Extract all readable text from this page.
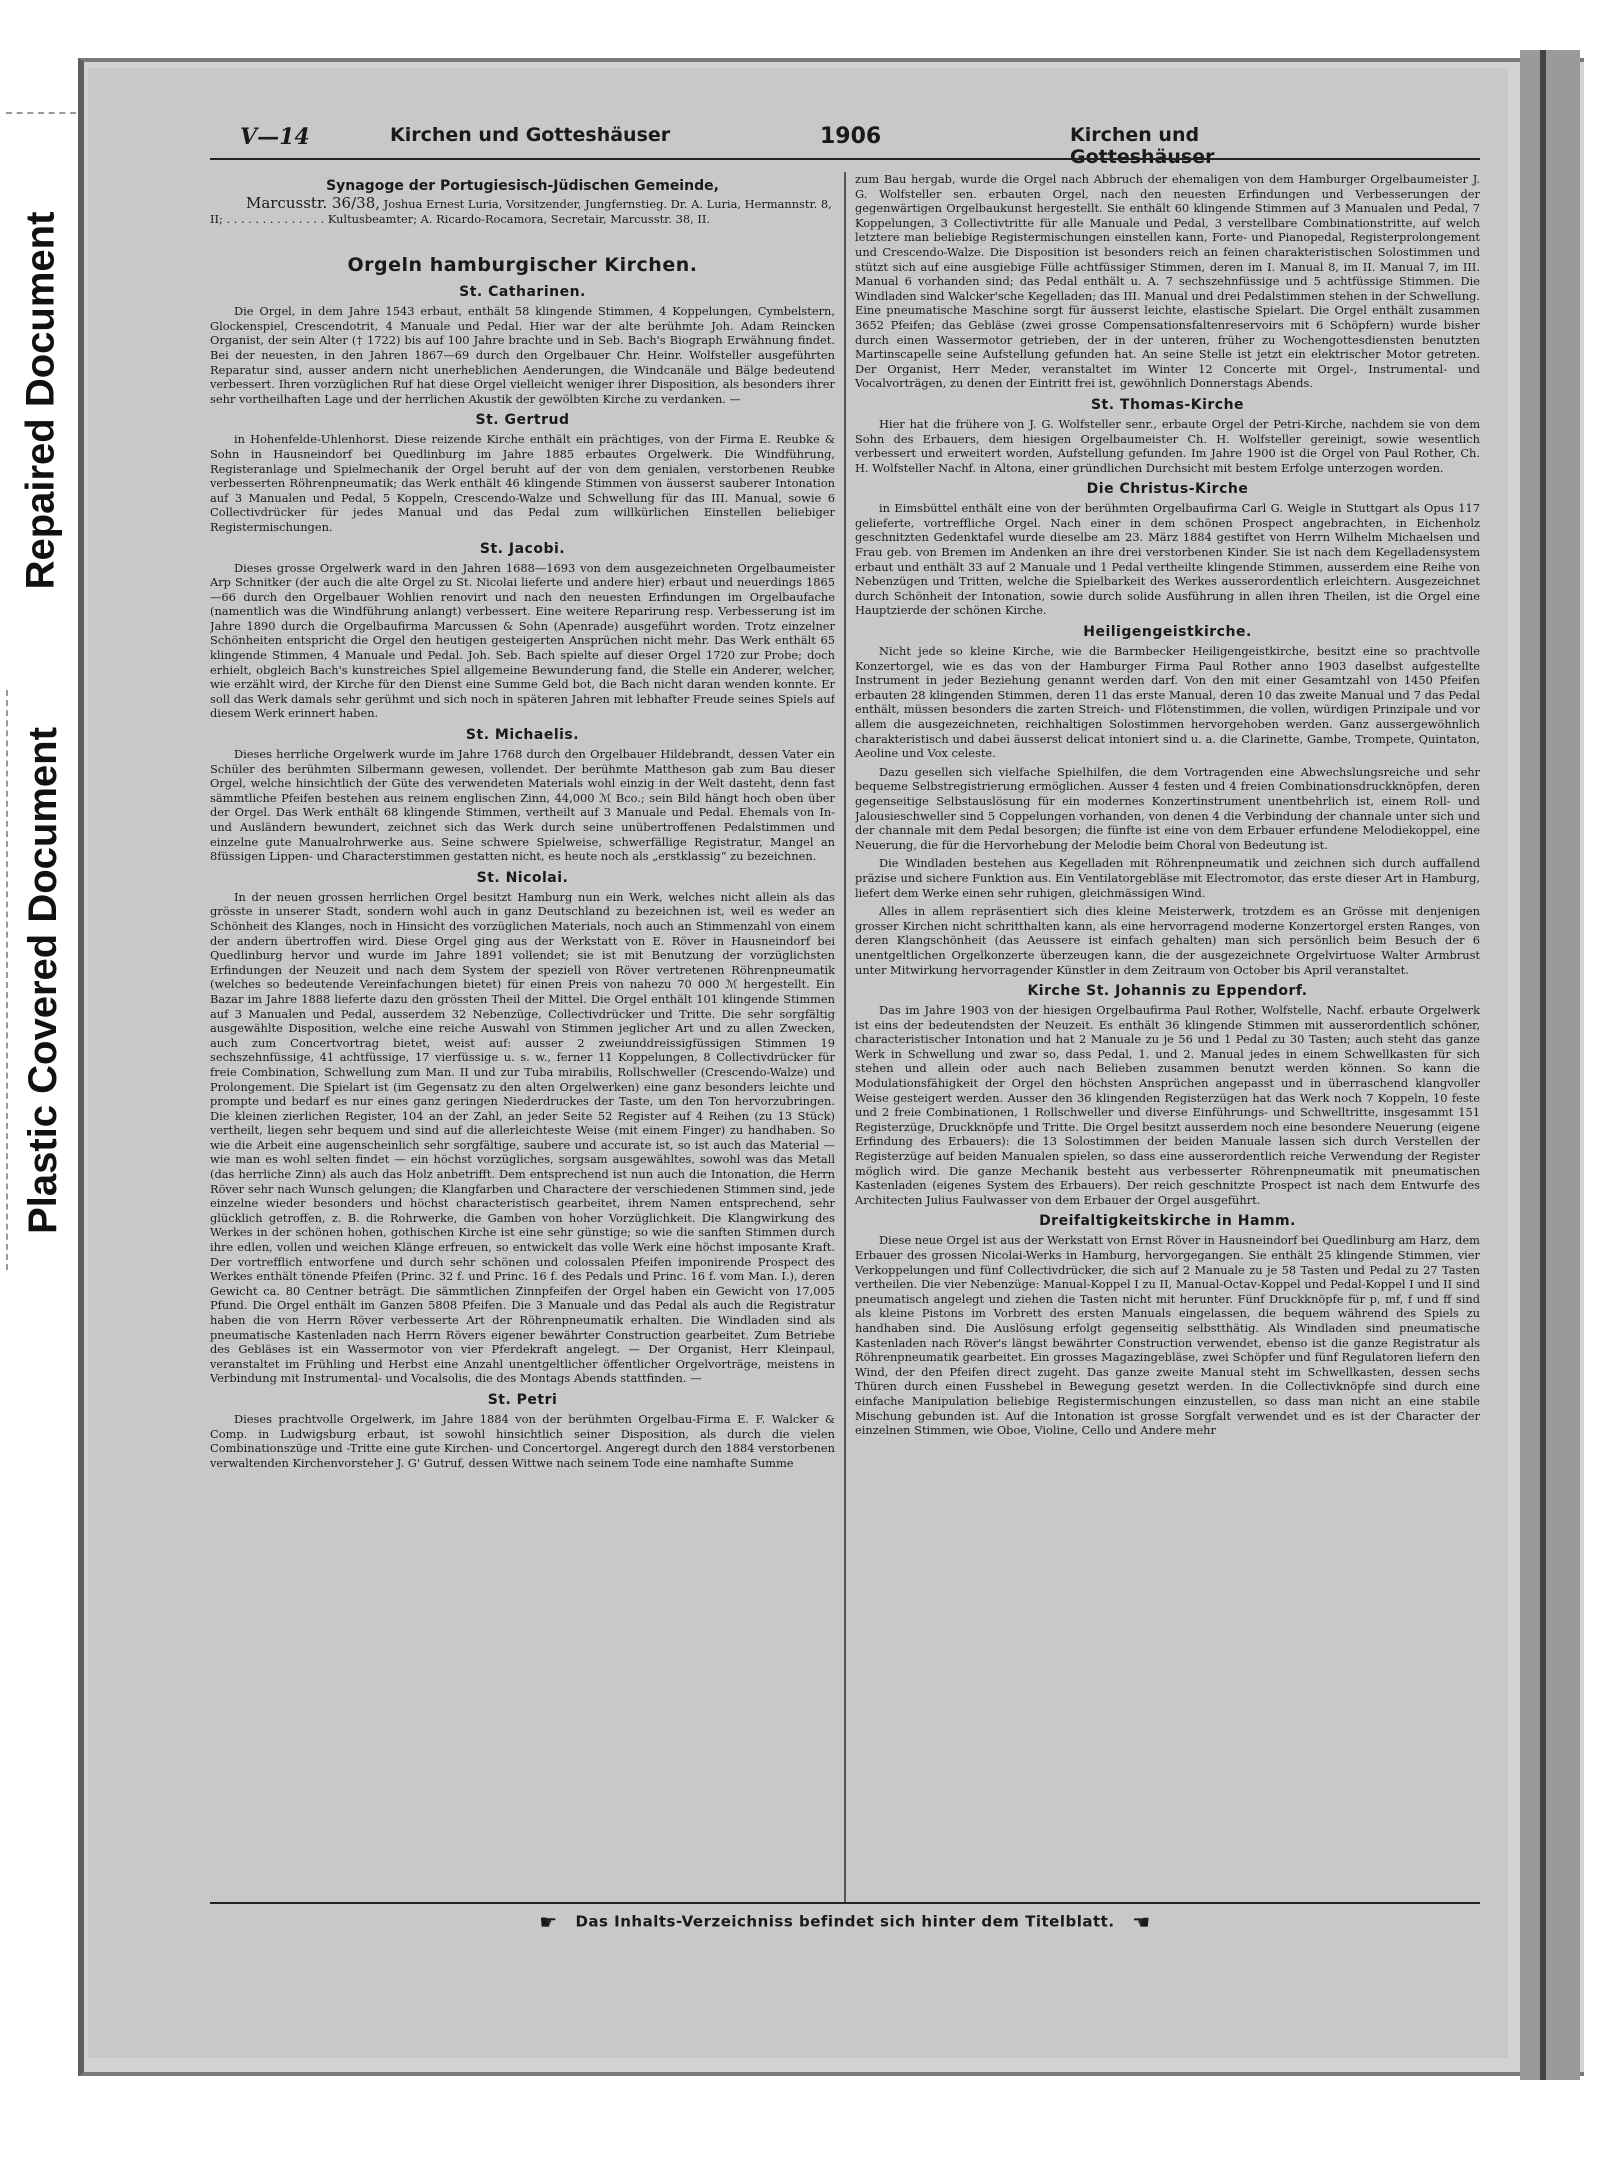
Repaired Document
Plastic Covered Document
V—14	Kirchen und Gotteshäuser	1906	Kirchen und Gotteshäuser
Synagoge der Portugiesisch-Jüdischen Gemeinde,

Marcusstr. 36/38, Joshua Ernest Luria, Vorsitzender, Jungfernstieg. Dr. A. Luria, Hermannstr. 8, II; . . . . . . . . . . . . . . Kultusbeamter; A. Ricardo-Rocamora, Secretair, Marcusstr. 38, II.

Orgeln hamburgischer Kirchen.
St. Catharinen.

Die Orgel, in dem Jahre 1543 erbaut, enthält 58 klingende Stimmen, 4 Koppelungen, Cymbelstern, Glockenspiel, Crescendotrit, 4 Manuale und Pedal. Hier war der alte berühmte Joh. Adam Reincken Organist, der sein Alter († 1722) bis auf 100 Jahre brachte und in Seb. Bach's Biograph Erwähnung findet. Bei der neuesten, in den Jahren 1867—69 durch den Orgelbauer Chr. Heinr. Wolfsteller ausgeführten Reparatur sind, ausser andern nicht unerheblichen Aenderungen, die Windcanäle und Bälge bedeutend verbessert. Ihren vorzüglichen Ruf hat diese Orgel vielleicht weniger ihrer Disposition, als besonders ihrer sehr vortheilhaften Lage und der herrlichen Akustik der gewölbten Kirche zu verdanken. —

St. Gertrud

in Hohenfelde-Uhlenhorst. Diese reizende Kirche enthält ein prächtiges, von der Firma E. Reubke & Sohn in Hausneindorf bei Quedlinburg im Jahre 1885 erbautes Orgelwerk. Die Windführung, Registeranlage und Spielmechanik der Orgel beruht auf der von dem genialen, verstorbenen Reubke verbesserten Röhrenpneumatik; das Werk enthält 46 klingende Stimmen von äusserst sauberer Intonation auf 3 Manualen und Pedal, 5 Koppeln, Crescendo-Walze und Schwellung für das III. Manual, sowie 6 Collectivdrücker für jedes Manual und das Pedal zum willkürlichen Einstellen beliebiger Registermischungen.

St. Jacobi.

Dieses grosse Orgelwerk ward in den Jahren 1688—1693 von dem ausgezeichneten Orgelbaumeister Arp Schnitker (der auch die alte Orgel zu St. Nicolai lieferte und andere hier) erbaut und neuerdings 1865—66 durch den Orgelbauer Wohlien renovirt und nach den neuesten Erfindungen im Orgelbaufache (namentlich was die Windführung anlangt) verbessert. Eine weitere Reparirung resp. Verbesserung ist im Jahre 1890 durch die Orgelbaufirma Marcussen & Sohn (Apenrade) ausgeführt worden. Trotz einzelner Schönheiten entspricht die Orgel den heutigen gesteigerten Ansprüchen nicht mehr. Das Werk enthält 65 klingende Stimmen, 4 Manuale und Pedal. Joh. Seb. Bach spielte auf dieser Orgel 1720 zur Probe; doch erhielt, obgleich Bach's kunstreiches Spiel allgemeine Bewunderung fand, die Stelle ein Anderer, welcher, wie erzählt wird, der Kirche für den Dienst eine Summe Geld bot, die Bach nicht daran wenden konnte. Er soll das Werk damals sehr gerühmt und sich noch in späteren Jahren mit lebhafter Freude seines Spiels auf diesem Werk erinnert haben.

St. Michaelis.

Dieses herrliche Orgelwerk wurde im Jahre 1768 durch den Orgelbauer Hildebrandt, dessen Vater ein Schüler des berühmten Silbermann gewesen, vollendet. Der berühmte Mattheson gab zum Bau dieser Orgel, welche hinsichtlich der Güte des verwendeten Materials wohl einzig in der Welt dasteht, denn fast sämmtliche Pfeifen bestehen aus reinem englischen Zinn, 44,000 ℳ Bco.; sein Bild hängt hoch oben über der Orgel. Das Werk enthält 68 klingende Stimmen, vertheilt auf 3 Manuale und Pedal. Ehemals von In- und Ausländern bewundert, zeichnet sich das Werk durch seine unübertroffenen Pedalstimmen und einzelne gute Manualrohrwerke aus. Seine schwere Spielweise, schwerfällige Registratur, Mangel an 8füssigen Lippen- und Characterstimmen gestatten nicht, es heute noch als „erstklassig“ zu bezeichnen.

St. Nicolai.

In der neuen grossen herrlichen Orgel besitzt Hamburg nun ein Werk, welches nicht allein als das grösste in unserer Stadt, sondern wohl auch in ganz Deutschland zu bezeichnen ist, weil es weder an Schönheit des Klanges, noch in Hinsicht des vorzüglichen Materials, noch auch an Stimmenzahl von einem der andern übertroffen wird. Diese Orgel ging aus der Werkstatt von E. Röver in Hausneindorf bei Quedlinburg hervor und wurde im Jahre 1891 vollendet; sie ist mit Benutzung der vorzüglichsten Erfindungen der Neuzeit und nach dem System der speziell von Röver vertretenen Röhrenpneumatik (welches so bedeutende Vereinfachungen bietet) für einen Preis von nahezu 70 000 ℳ hergestellt. Ein Bazar im Jahre 1888 lieferte dazu den grössten Theil der Mittel. Die Orgel enthält 101 klingende Stimmen auf 3 Manualen und Pedal, ausserdem 32 Nebenzüge, Collectivdrücker und Tritte. Die sehr sorgfältig ausgewählte Disposition, welche eine reiche Auswahl von Stimmen jeglicher Art und zu allen Zwecken, auch zum Concertvortrag bietet, weist auf: ausser 2 zweiunddreissigfüssigen Stimmen 19 sechszehnfüssige, 41 achtfüssige, 17 vierfüssige u. s. w., ferner 11 Koppelungen, 8 Collectivdrücker für freie Combination, Schwellung zum Man. II und zur Tuba mirabilis, Rollschweller (Crescendo-Walze) und Prolongement. Die Spielart ist (im Gegensatz zu den alten Orgelwerken) eine ganz besonders leichte und prompte und bedarf es nur eines ganz geringen Niederdruckes der Taste, um den Ton hervorzubringen. Die kleinen zierlichen Register, 104 an der Zahl, an jeder Seite 52 Register auf 4 Reihen (zu 13 Stück) vertheilt, liegen sehr bequem und sind auf die allerleichteste Weise (mit einem Finger) zu handhaben. So wie die Arbeit eine augenscheinlich sehr sorgfältige, saubere und accurate ist, so ist auch das Material — wie man es wohl selten findet — ein höchst vorzügliches, sorgsam ausgewähltes, sowohl was das Metall (das herrliche Zinn) als auch das Holz anbetrifft. Dem entsprechend ist nun auch die Intonation, die Herrn Röver sehr nach Wunsch gelungen; die Klangfarben und Charactere der verschiedenen Stimmen sind, jede einzelne wieder besonders und höchst characteristisch gearbeitet, ihrem Namen entsprechend, sehr glücklich getroffen, z. B. die Rohrwerke, die Gamben von hoher Vorzüglichkeit. Die Klangwirkung des Werkes in der schönen hohen, gothischen Kirche ist eine sehr günstige; so wie die sanften Stimmen durch ihre edlen, vollen und weichen Klänge erfreuen, so entwickelt das volle Werk eine höchst imposante Kraft. Der vortrefflich entworfene und durch sehr schönen und colossalen Pfeifen imponirende Prospect des Werkes enthält tönende Pfeifen (Princ. 32 f. und Princ. 16 f. des Pedals und Princ. 16 f. vom Man. I.), deren Gewicht ca. 80 Centner beträgt. Die sämmtlichen Zinnpfeifen der Orgel haben ein Gewicht von 17,005 Pfund. Die Orgel enthält im Ganzen 5808 Pfeifen. Die 3 Manuale und das Pedal als auch die Registratur haben die von Herrn Röver verbesserte Art der Röhrenpneumatik erhalten. Die Windladen sind als pneumatische Kastenladen nach Herrn Rövers eigener bewährter Construction gearbeitet. Zum Betriebe des Gebläses ist ein Wassermotor von vier Pferdekraft angelegt. — Der Organist, Herr Kleinpaul, veranstaltet im Frühling und Herbst eine Anzahl unentgeltlicher öffentlicher Orgelvorträge, meistens in Verbindung mit Instrumental- und Vocalsolis, die des Montags Abends stattfinden. —

St. Petri

Dieses prachtvolle Orgelwerk, im Jahre 1884 von der berühmten Orgelbau-Firma E. F. Walcker & Comp. in Ludwigsburg erbaut, ist sowohl hinsichtlich seiner Disposition, als durch die vielen Combinationszüge und -Tritte eine gute Kirchen- und Concertorgel. Angeregt durch den 1884 verstorbenen verwaltenden Kirchenvorsteher J. G' Gutruf, dessen Wittwe nach seinem Tode eine namhafte Summe

zum Bau hergab, wurde die Orgel nach Abbruch der ehemaligen von dem Hamburger Orgelbaumeister J. G. Wolfsteller sen. erbauten Orgel, nach den neuesten Erfindungen und Verbesserungen der gegenwärtigen Orgelbaukunst hergestellt. Sie enthält 60 klingende Stimmen auf 3 Manualen und Pedal, 7 Koppelungen, 3 Collectivtritte für alle Manuale und Pedal, 3 verstellbare Combinationstritte, auf welch letztere man beliebige Registermischungen einstellen kann, Forte- und Pianopedal, Registerprolongement und Crescendo-Walze. Die Disposition ist besonders reich an feinen charakteristischen Solostimmen und stützt sich auf eine ausgiebige Fülle achtfüssiger Stimmen, deren im I. Manual 8, im II. Manual 7, im III. Manual 6 vorhanden sind; das Pedal enthält u. A. 7 sechszehnfüssige und 5 achtfüssige Stimmen. Die Windladen sind Walcker'sche Kegelladen; das III. Manual und drei Pedalstimmen stehen in der Schwellung. Eine pneumatische Maschine sorgt für äusserst leichte, elastische Spielart. Die Orgel enthält zusammen 3652 Pfeifen; das Gebläse (zwei grosse Compensationsfaltenreservoirs mit 6 Schöpfern) wurde bisher durch einen Wassermotor getrieben, der in der unteren, früher zu Wochengottesdiensten benutzten Martinscapelle seine Aufstellung gefunden hat. An seine Stelle ist jetzt ein elektrischer Motor getreten. Der Organist, Herr Meder, veranstaltet im Winter 12 Concerte mit Orgel-, Instrumental- und Vocalvorträgen, zu denen der Eintritt frei ist, gewöhnlich Donnerstags Abends.

St. Thomas-Kirche

Hier hat die frühere von J. G. Wolfsteller senr., erbaute Orgel der Petri-Kirche, nachdem sie von dem Sohn des Erbauers, dem hiesigen Orgelbaumeister Ch. H. Wolfsteller gereinigt, sowie wesentlich verbessert und erweitert worden, Aufstellung gefunden. Im Jahre 1900 ist die Orgel von Paul Rother, Ch. H. Wolfsteller Nachf. in Altona, einer gründlichen Durchsicht mit bestem Erfolge unterzogen worden.

Die Christus-Kirche

in Eimsbüttel enthält eine von der berühmten Orgelbaufirma Carl G. Weigle in Stuttgart als Opus 117 gelieferte, vortreffliche Orgel. Nach einer in dem schönen Prospect angebrachten, in Eichenholz geschnitzten Gedenktafel wurde dieselbe am 23. März 1884 gestiftet von Herrn Wilhelm Michaelsen und Frau geb. von Bremen im Andenken an ihre drei verstorbenen Kinder. Sie ist nach dem Kegelladensystem erbaut und enthält 33 auf 2 Manuale und 1 Pedal vertheilte klingende Stimmen, ausserdem eine Reihe von Nebenzügen und Tritten, welche die Spielbarkeit des Werkes ausserordentlich erleichtern. Ausgezeichnet durch Schönheit der Intonation, sowie durch solide Ausführung in allen ihren Theilen, ist die Orgel eine Hauptzierde der schönen Kirche.

Heiligengeistkirche.

Nicht jede so kleine Kirche, wie die Barmbecker Heiligengeistkirche, besitzt eine so prachtvolle Konzertorgel, wie es das von der Hamburger Firma Paul Rother anno 1903 daselbst aufgestellte Instrument in jeder Beziehung genannt werden darf. Von den mit einer Gesamtzahl von 1450 Pfeifen erbauten 28 klingenden Stimmen, deren 11 das erste Manual, deren 10 das zweite Manual und 7 das Pedal enthält, müssen besonders die zarten Streich- und Flötenstimmen, die vollen, würdigen Prinzipale und vor allem die ausgezeichneten, reichhaltigen Solostimmen hervorgehoben werden. Ganz aussergewöhnlich charakteristisch und dabei äusserst delicat intoniert sind u. a. die Clarinette, Gambe, Trompete, Quintaton, Aeoline und Vox celeste.

Dazu gesellen sich vielfache Spielhilfen, die dem Vortragenden eine Abwechslungsreiche und sehr bequeme Selbstregistrierung ermöglichen. Ausser 4 festen und 4 freien Combinationsdruckknöpfen, deren gegenseitige Selbstauslösung für ein modernes Konzertinstrument unentbehrlich ist, einem Roll- und Jalousieschweller sind 5 Coppelungen vorhanden, von denen 4 die Verbindung der channale unter sich und der channale mit dem Pedal besorgen; die fünfte ist eine von dem Erbauer erfundene Melodiekoppel, eine Neuerung, die für die Hervorhebung der Melodie beim Choral von Bedeutung ist.

Die Windladen bestehen aus Kegelladen mit Röhrenpneumatik und zeichnen sich durch auffallend präzise und sichere Funktion aus. Ein Ventilatorgebläse mit Electromotor, das erste dieser Art in Hamburg, liefert dem Werke einen sehr ruhigen, gleichmässigen Wind.

Alles in allem repräsentiert sich dies kleine Meisterwerk, trotzdem es an Grösse mit denjenigen grosser Kirchen nicht schritthalten kann, als eine hervorragend moderne Konzertorgel ersten Ranges, von deren Klangschönheit (das Aeussere ist einfach gehalten) man sich persönlich beim Besuch der 6 unentgeltlichen Orgelkonzerte überzeugen kann, die der ausgezeichnete Orgelvirtuose Walter Armbrust unter Mitwirkung hervorragender Künstler in dem Zeitraum von October bis April veranstaltet.

Kirche St. Johannis zu Eppendorf.

Das im Jahre 1903 von der hiesigen Orgelbaufirma Paul Rother, Wolfstelle, Nachf. erbaute Orgelwerk ist eins der bedeutendsten der Neuzeit. Es enthält 36 klingende Stimmen mit ausserordentlich schöner, characteristischer Intonation und hat 2 Manuale zu je 56 und 1 Pedal zu 30 Tasten; auch steht das ganze Werk in Schwellung und zwar so, dass Pedal, 1. und 2. Manual jedes in einem Schwellkasten für sich stehen und allein oder auch nach Belieben zusammen benutzt werden können. So kann die Modulationsfähigkeit der Orgel den höchsten Ansprüchen angepasst und in überraschend klangvoller Weise gesteigert werden. Ausser den 36 klingenden Registerzügen hat das Werk noch 7 Koppeln, 10 feste und 2 freie Combinationen, 1 Rollschweller und diverse Einführungs- und Schwelltritte, insgesammt 151 Registerzüge, Druckknöpfe und Tritte. Die Orgel besitzt ausserdem noch eine besondere Neuerung (eigene Erfindung des Erbauers): die 13 Solostimmen der beiden Manuale lassen sich durch Verstellen der Registerzüge auf beiden Manualen spielen, so dass eine ausserordentlich reiche Verwendung der Register möglich wird. Die ganze Mechanik besteht aus verbesserter Röhrenpneumatik mit pneumatischen Kastenladen (eigenes System des Erbauers). Der reich geschnitzte Prospect ist nach dem Entwurfe des Architecten Julius Faulwasser von dem Erbauer der Orgel ausgeführt.

Dreifaltigkeitskirche in Hamm.

Diese neue Orgel ist aus der Werkstatt von Ernst Röver in Hausneindorf bei Quedlinburg am Harz, dem Erbauer des grossen Nicolai-Werks in Hamburg, hervorgegangen. Sie enthält 25 klingende Stimmen, vier Verkoppelungen und fünf Collectivdrücker, die sich auf 2 Manuale zu je 58 Tasten und Pedal zu 27 Tasten vertheilen. Die vier Nebenzüge: Manual-Koppel I zu II, Manual-Octav-Koppel und Pedal-Koppel I und II sind pneumatisch angelegt und ziehen die Tasten nicht mit herunter. Fünf Druckknöpfe für p, mf, f und ff sind als kleine Pistons im Vorbrett des ersten Manuals eingelassen, die bequem während des Spiels zu handhaben sind. Die Auslösung erfolgt gegenseitig selbstthätig. Als Windladen sind pneumatische Kastenladen nach Röver's längst bewährter Construction verwendet, ebenso ist die ganze Registratur als Röhrenpneumatik gearbeitet. Ein grosses Magazingebläse, zwei Schöpfer und fünf Regulatoren liefern den Wind, der den Pfeifen direct zugeht. Das ganze zweite Manual steht im Schwellkasten, dessen sechs Thüren durch einen Fusshebel in Bewegung gesetzt werden. In die Collectivknöpfe sind durch eine einfache Manipulation beliebige Registermischungen einzustellen, so dass man nicht an eine stabile Mischung gebunden ist. Auf die Intonation ist grosse Sorgfalt verwendet und es ist der Character der einzelnen Stimmen, wie Oboe, Violine, Cello und Andere mehr

☛ Das Inhalts-Verzeichniss befindet sich hinter dem Titelblatt. ☚
